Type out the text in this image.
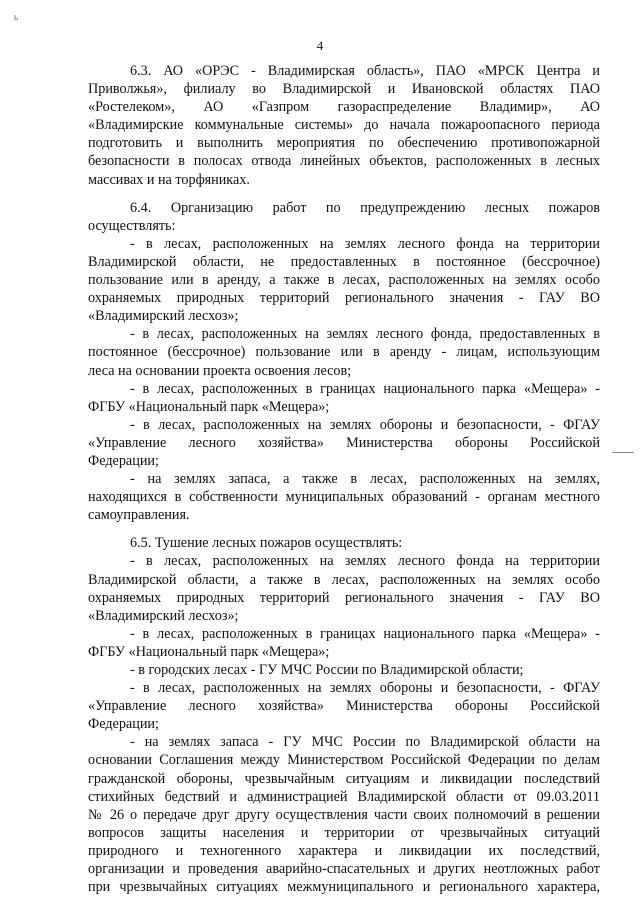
ь
4
6.3. АО «ОРЭС - Владимирская область», ПАО «МРСК Центра и
Приволжья», филиалу во Владимирской и Ивановской областях ПАО
«Ростелеком», АО «Газпром газораспределение Владимир», АО
«Владимирские коммунальные системы» до начала пожароопасного периода
подготовить и выполнить мероприятия по обеспечению противопожарной
безопасности в полосах отвода линейных объектов, расположенных в лесных
массивах и на торфяниках.
6.4. Организацию работ по предупреждению лесных пожаров
осуществлять:
- в лесах, расположенных на землях лесного фонда на территории
Владимирской области, не предоставленных в постоянное (бессрочное)
пользование или в аренду, а также в лесах, расположенных на землях особо
охраняемых природных территорий регионального значения - ГАУ ВО
«Владимирский лесхоз»;
- в лесах, расположенных на землях лесного фонда, предоставленных в
постоянное (бессрочное) пользование или в аренду - лицам, использующим
леса на основании проекта освоения лесов;
- в лесах, расположенных в границах национального парка «Мещера» -
ФГБУ «Национальный парк «Мещера»;
- в лесах, расположенных на землях обороны и безопасности, - ФГАУ
«Управление лесного хозяйства» Министерства обороны Российской
Федерации;
- на землях запаса, а также в лесах, расположенных на землях,
находящихся в собственности муниципальных образований - органам местного
самоуправления.
6.5. Тушение лесных пожаров осуществлять:
- в лесах, расположенных на землях лесного фонда на территории
Владимирской области, а также в лесах, расположенных на землях особо
охраняемых природных территорий регионального значения - ГАУ ВО
«Владимирский лесхоз»;
- в лесах, расположенных в границах национального парка «Мещера» -
ФГБУ «Национальный парк «Мещера»;
- в городских лесах - ГУ МЧС России по Владимирской области;
- в лесах, расположенных на землях обороны и безопасности, - ФГАУ
«Управление лесного хозяйства» Министерства обороны Российской
Федерации;
- на землях запаса - ГУ МЧС России по Владимирской области на
основании Соглашения между Министерством Российской Федерации по делам
гражданской обороны, чрезвычайным ситуациям и ликвидации последствий
стихийных бедствий и администрацией Владимирской области от 09.03.2011
№ 26 о передаче друг другу осуществления части своих полномочий в решении
вопросов защиты населения и территории от чрезвычайных ситуаций
природного и техногенного характера и ликвидации их последствий,
организации и проведения аварийно-спасательных и других неотложных работ
при чрезвычайных ситуациях межмуниципального и регионального характера,
